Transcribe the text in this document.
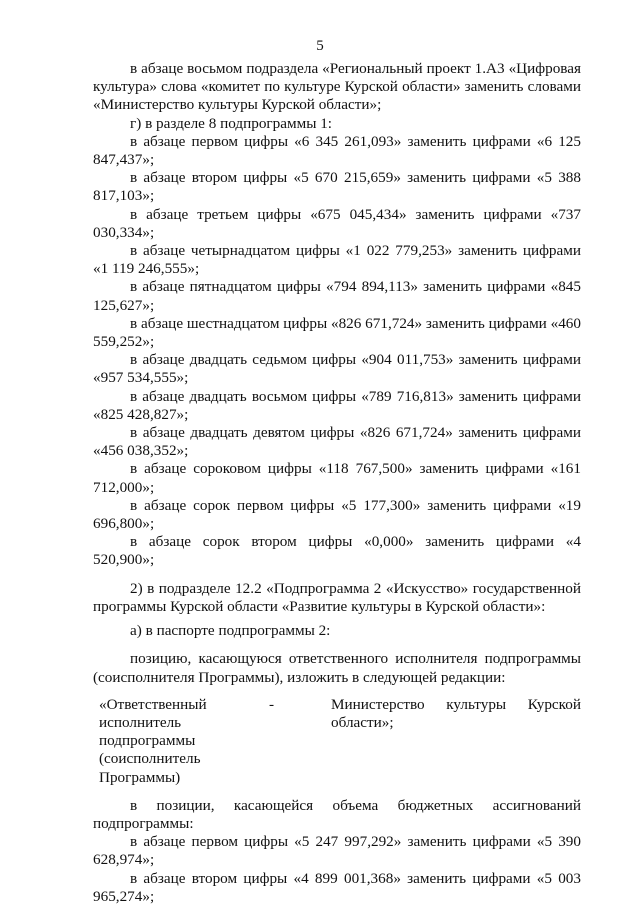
5

в абзаце восьмом подраздела «Региональный проект 1.А3 «Цифровая культура» слова «комитет по культуре Курской области» заменить словами «Министерство культуры Курской области»;

г) в разделе 8 подпрограммы 1:

в абзаце первом цифры «6 345 261,093» заменить цифрами «6 125 847,437»;

в абзаце втором цифры «5 670 215,659» заменить цифрами «5 388 817,103»;

в абзаце третьем цифры «675 045,434» заменить цифрами «737 030,334»;

в абзаце четырнадцатом цифры «1 022 779,253» заменить цифрами «1 119 246,555»;

в абзаце пятнадцатом цифры «794 894,113» заменить цифрами «845 125,627»;

в абзаце шестнадцатом цифры «826 671,724» заменить цифрами «460 559,252»;

в абзаце двадцать седьмом цифры «904 011,753» заменить цифрами «957 534,555»;

в абзаце двадцать восьмом цифры «789 716,813» заменить цифрами «825 428,827»;

в абзаце двадцать девятом цифры «826 671,724» заменить цифрами «456 038,352»;

в абзаце сороковом цифры «118 767,500» заменить цифрами «161 712,000»;

в абзаце сорок первом цифры «5 177,300» заменить цифрами «19 696,800»;

в абзаце сорок втором цифры «0,000» заменить цифрами «4 520,900»;

2) в подразделе 12.2 «Подпрограмма 2 «Искусство» государственной программы Курской области «Развитие культуры в Курской области»:

а) в паспорте подпрограммы 2:

позицию, касающуюся ответственного исполнителя подпрограммы (соисполнителя Программы), изложить в следующей редакции:

«Ответственный исполнитель подпрограммы (соисполнитель Программы)
-	Министерство культуры Курской области»;

в позиции, касающейся объема бюджетных ассигнований подпрограммы:

в абзаце первом цифры «5 247 997,292» заменить цифрами «5 390 628,974»;

в абзаце втором цифры «4 899 001,368» заменить цифрами «5 003 965,274»;
